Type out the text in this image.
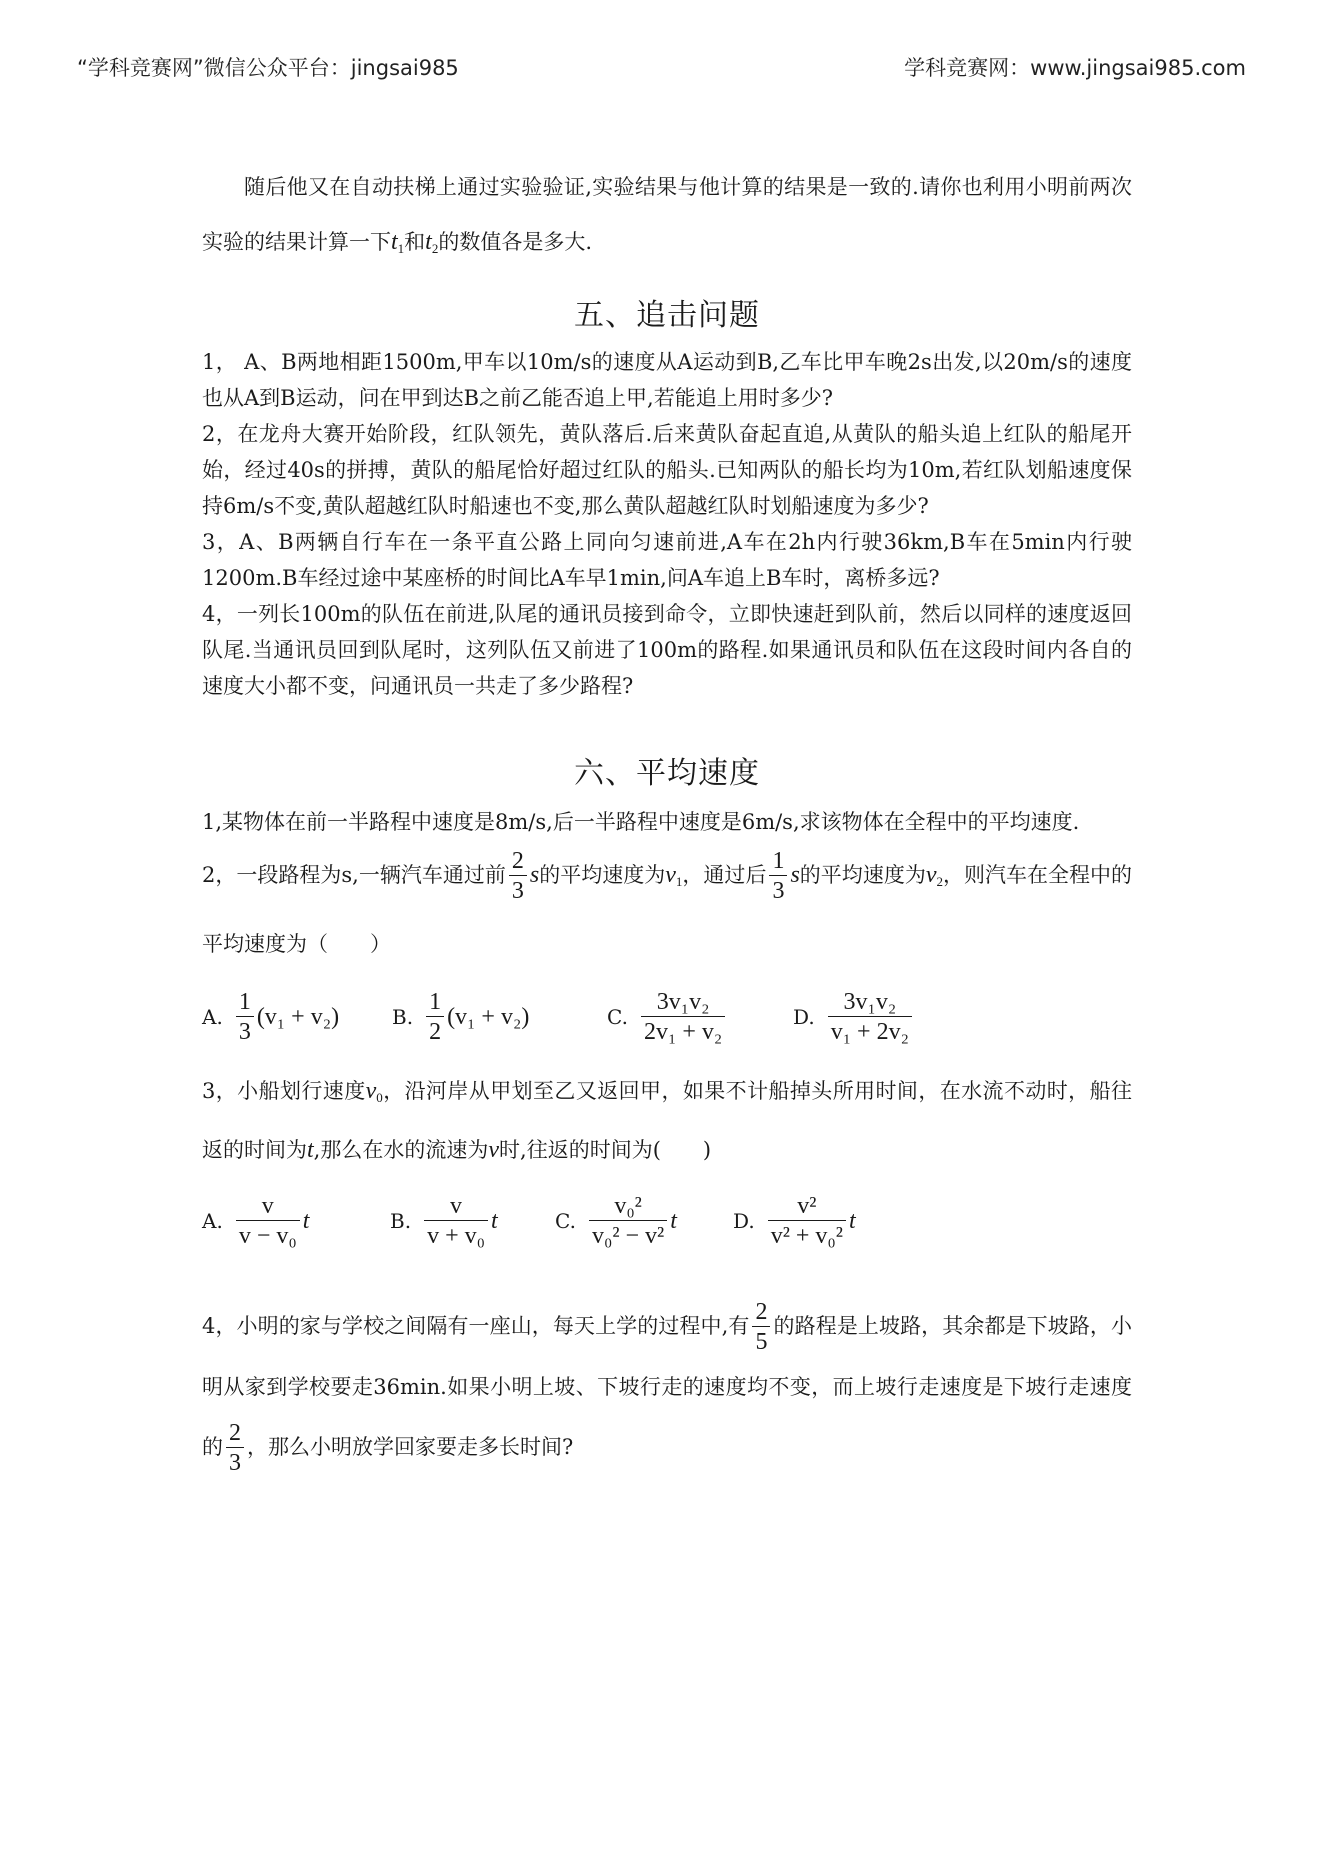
“学科竞赛网”微信公众平台：jingsai985	学科竞赛网：www.jingsai985.com

随后他又在自动扶梯上通过实验验证,实验结果与他计算的结果是一致的.请你也利用小明前两次实验的结果计算一下$t_1$和$t_2$的数值各是多大.

五、追击问题

1， A、B两地相距1500m,甲车以10m/s的速度从A运动到B,乙车比甲车晚2s出发,以20m/s的速度也从A到B运动，问在甲到达B之前乙能否追上甲,若能追上用时多少?

2，在龙舟大赛开始阶段，红队领先，黄队落后.后来黄队奋起直追,从黄队的船头追上红队的船尾开始，经过40s的拼搏，黄队的船尾恰好超过红队的船头.已知两队的船长均为10m,若红队划船速度保持6m/s不变,黄队超越红队时船速也不变,那么黄队超越红队时划船速度为多少?

3，A、B两辆自行车在一条平直公路上同向匀速前进,A车在2h内行驶36km,B车在5min内行驶1200m.B车经过途中某座桥的时间比A车早1min,问A车追上B车时，离桥多远?

4，一列长100m的队伍在前进,队尾的通讯员接到命令，立即快速赶到队前，然后以同样的速度返回队尾.当通讯员回到队尾时，这列队伍又前进了100m的路程.如果通讯员和队伍在这段时间内各自的速度大小都不变，问通讯员一共走了多少路程?

六、平均速度

1,某物体在前一半路程中速度是8m/s,后一半路程中速度是6m/s,求该物体在全程中的平均速度.

2，一段路程为s,一辆汽车通过前 $\frac{2}{3}$ s的平均速度为$v_1$，通过后 $\frac{1}{3}$ s的平均速度为$v_2$，则汽车在全程中的平均速度为（　　）

A. $\frac{1}{3} (v_1 + v_2)$	B. $\frac{1}{2} (v_1 + v_2)$	C. $\frac{\text{3v₁v₂}}{\text{2v₁ + v₂}}$	D. $\frac{\text{3v₁v₂}}{\text{v₁ + 2v₂}}$

3，小船划行速度$v_0$，沿河岸从甲划至乙又返回甲，如果不计船掉头所用时间，在水流不动时，船往返的时间为t,那么在水的流速为v时,往返的时间为(　　)

A. $\frac{v}{\text{v − v₀}}$ t	B. $\frac{v}{\text{v + v₀}}$ t	C. $\frac{\text{v₀²}}{\text{v₀² − v²}}$ t	D. $\frac{\text{v²}}{\text{v² + v₀²}}$ t

4，小明的家与学校之间隔有一座山，每天上学的过程中,有 $\frac{2}{5}$ 的路程是上坡路，其余都是下坡路，小明从家到学校要走36min.如果小明上坡、下坡行走的速度均不变，而上坡行走速度是下坡行走速度的 $\frac{2}{3}$ ，那么小明放学回家要走多长时间?
